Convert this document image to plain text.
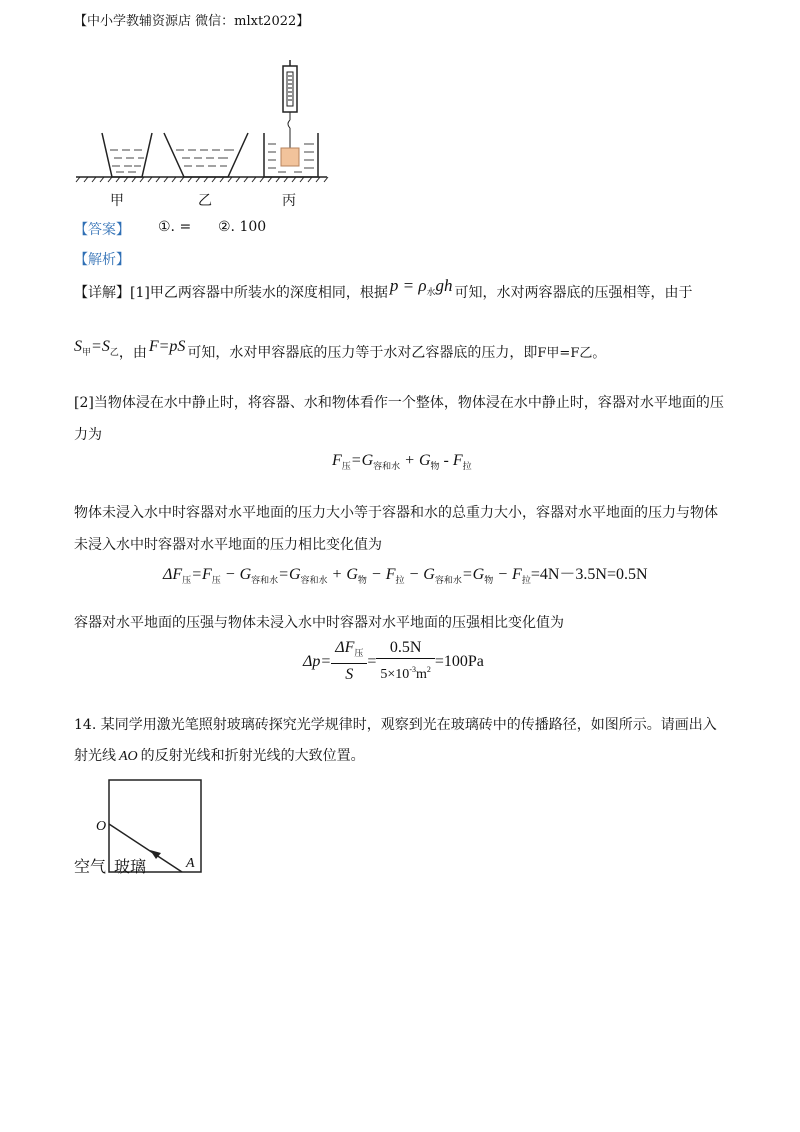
【中小学教辅资源店 微信：mlxt2022】
甲	乙	丙
【答案】 ①. = ②. 100
【解析】
【详解】[1]甲乙两容器中所装水的深度相同，根据 $p = \rho_水gh$ 可知，水对两容器底的压强相等，由于
$S_甲=S_乙$，由 F=pS 可知，水对甲容器底的压力等于水对乙容器底的压力，即F甲=F乙。
[2]当物体浸在水中静止时，将容器、水和物体看作一个整体，物体浸在水中静止时，容器对水平地面的压
力为
$F_压=G_{容和水} + G_物 - F_拉$
物体未浸入水中时容器对水平地面的压力大小等于容器和水的总重力大小，容器对水平地面的压力与物体
未浸入水中时容器对水平地面的压力相比变化值为
$\Delta F_压=F_压 - G_{容和水}=G_{容和水} + G_物 - F_拉 - G_{容和水}=G_物 - F_拉=4N-3.5N=0.5N$
容器对水平地面的压强与物体未浸入水中时容器对水平地面的压强相比变化值为
$\Delta p= \frac{\Delta F_压}{S} = \frac{0.5N}{5\times 10^{-3}m^2} =100Pa$
14. 某同学用激光笔照射玻璃砖探究光学规律时，观察到光在玻璃砖中的传播路径，如图所示。请画出入
射光线 AO 的反射光线和折射光线的大致位置。
O
A
空气 玻璃
